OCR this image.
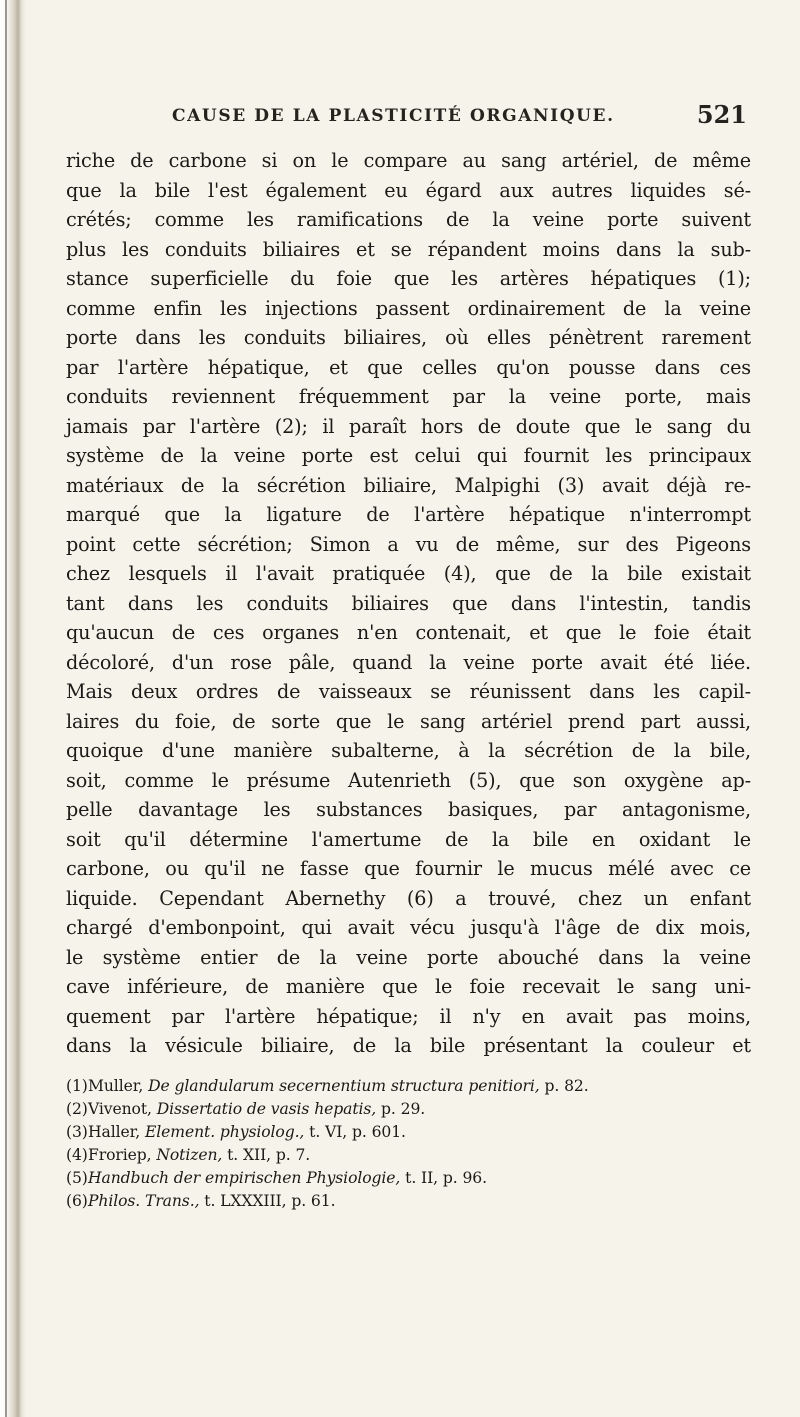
CAUSE DE LA PLASTICITÉ ORGANIQUE.	521
riche de carbone si on le compare au sang artériel, de même
que la bile l'est également eu égard aux autres liquides sé-
crétés; comme les ramifications de la veine porte suivent
plus les conduits biliaires et se répandent moins dans la sub-
stance superficielle du foie que les artères hépatiques (1);
comme enfin les injections passent ordinairement de la veine
porte dans les conduits biliaires, où elles pénètrent rarement
par l'artère hépatique, et que celles qu'on pousse dans ces
conduits reviennent fréquemment par la veine porte, mais
jamais par l'artère (2); il paraît hors de doute que le sang du
système de la veine porte est celui qui fournit les principaux
matériaux de la sécrétion biliaire, Malpighi (3) avait déjà re-
marqué que la ligature de l'artère hépatique n'interrompt
point cette sécrétion; Simon a vu de même, sur des Pigeons
chez lesquels il l'avait pratiquée (4), que de la bile existait
tant dans les conduits biliaires que dans l'intestin, tandis
qu'aucun de ces organes n'en contenait, et que le foie était
décoloré, d'un rose pâle, quand la veine porte avait été liée.
Mais deux ordres de vaisseaux se réunissent dans les capil-
laires du foie, de sorte que le sang artériel prend part aussi,
quoique d'une manière subalterne, à la sécrétion de la bile,
soit, comme le présume Autenrieth (5), que son oxygène ap-
pelle davantage les substances basiques, par antagonisme,
soit qu'il détermine l'amertume de la bile en oxidant le
carbone, ou qu'il ne fasse que fournir le mucus mélé avec ce
liquide. Cependant Abernethy (6) a trouvé, chez un enfant
chargé d'embonpoint, qui avait vécu jusqu'à l'âge de dix mois,
le système entier de la veine porte abouché dans la veine
cave inférieure, de manière que le foie recevait le sang uni-
quement par l'artère hépatique; il n'y en avait pas moins,
dans la vésicule biliaire, de la bile présentant la couleur et
(1)Muller, De glandularum secernentium structura penitiori, p. 82.
(2)Vivenot, Dissertatio de vasis hepatis, p. 29.
(3)Haller, Element. physiolog., t. VI, p. 601.
(4)Froriep, Notizen, t. XII, p. 7.
(5)Handbuch der empirischen Physiologie, t. II, p. 96.
(6)Philos. Trans., t. LXXXIII, p. 61.
